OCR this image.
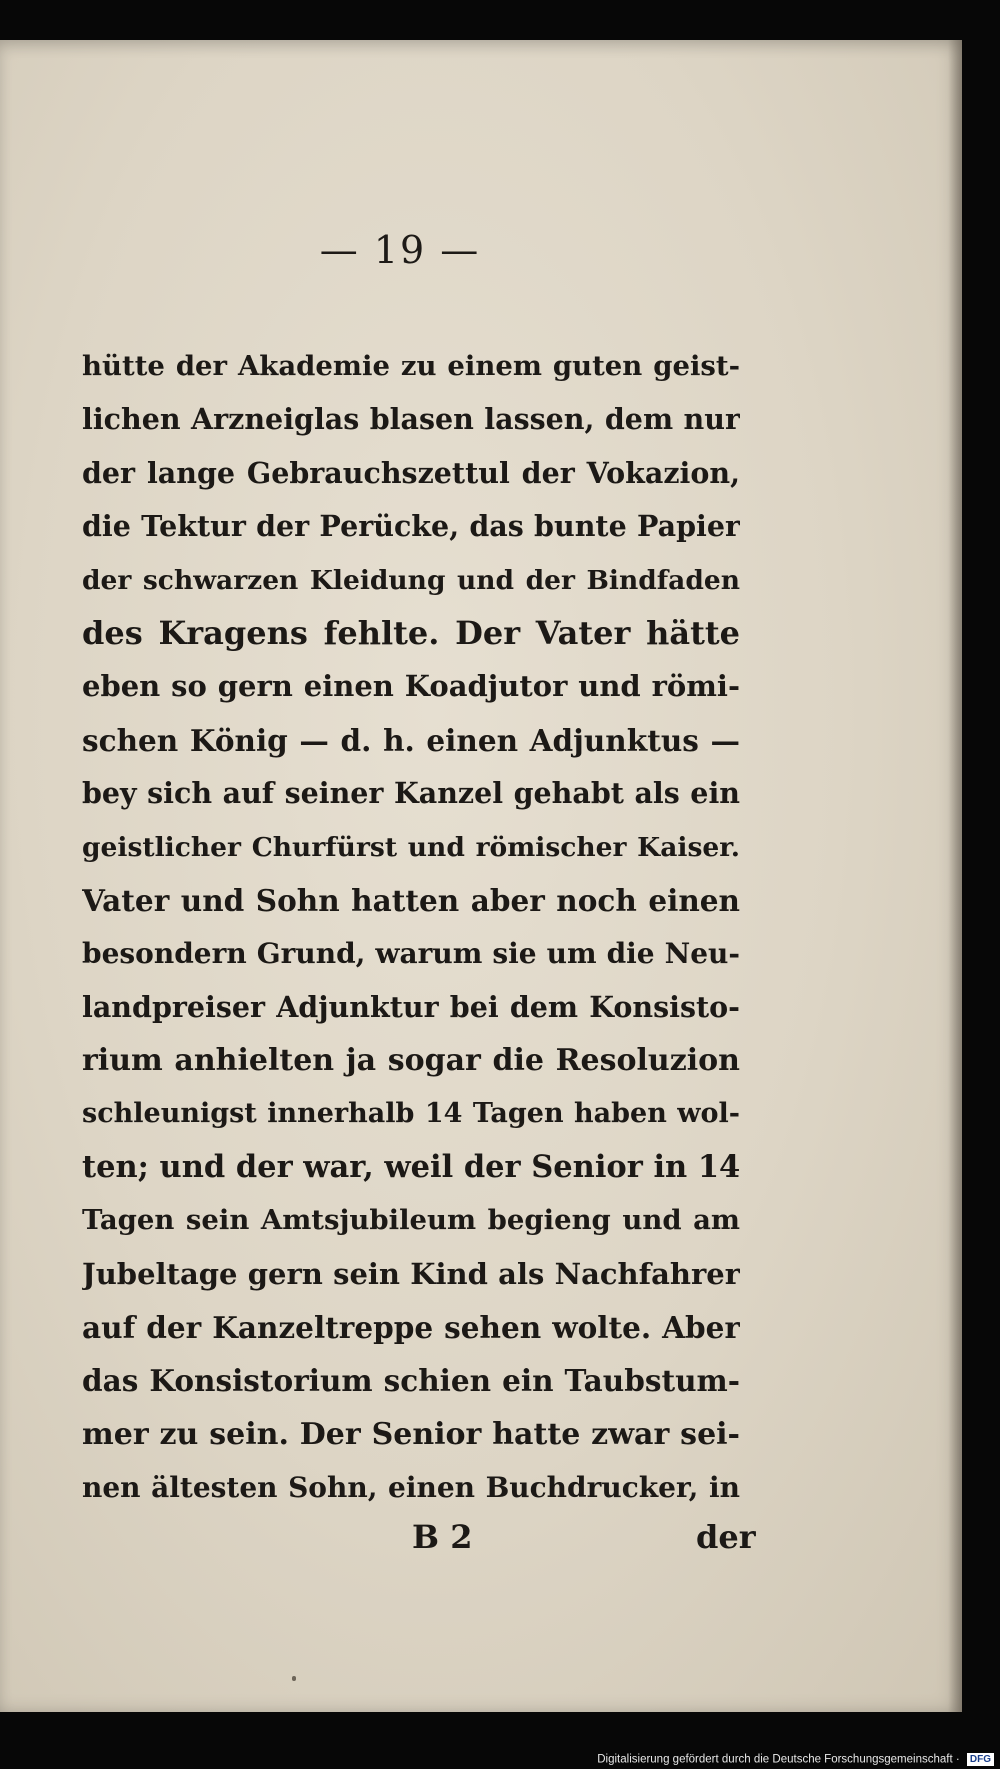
— 19 —
hütte der Akademie zu einem guten geist-
lichen Arzneiglas blasen lassen, dem nur
der lange Gebrauchszettul der Vokazion,
die Tektur der Perücke, das bunte Papier
der schwarzen Kleidung und der Bindfaden
des Kragens fehlte. Der Vater hätte
eben so gern einen Koadjutor und römi-
schen König — d. h. einen Adjunktus —
bey sich auf seiner Kanzel gehabt als ein
geistlicher Churfürst und römischer Kaiser.
Vater und Sohn hatten aber noch einen
besondern Grund, warum sie um die Neu-
landpreiser Adjunktur bei dem Konsisto-
rium anhielten ja sogar die Resoluzion
schleunigst innerhalb 14 Tagen haben wol-
ten; und der war, weil der Senior in 14
Tagen sein Amtsjubileum begieng und am
Jubeltage gern sein Kind als Nachfahrer
auf der Kanzeltreppe sehen wolte. Aber
das Konsistorium schien ein Taubstum-
mer zu sein. Der Senior hatte zwar sei-
nen ältesten Sohn, einen Buchdrucker, in
B 2	der
Digitalisierung gefördert durch die Deutsche Forschungsgemeinschaft · DFG
